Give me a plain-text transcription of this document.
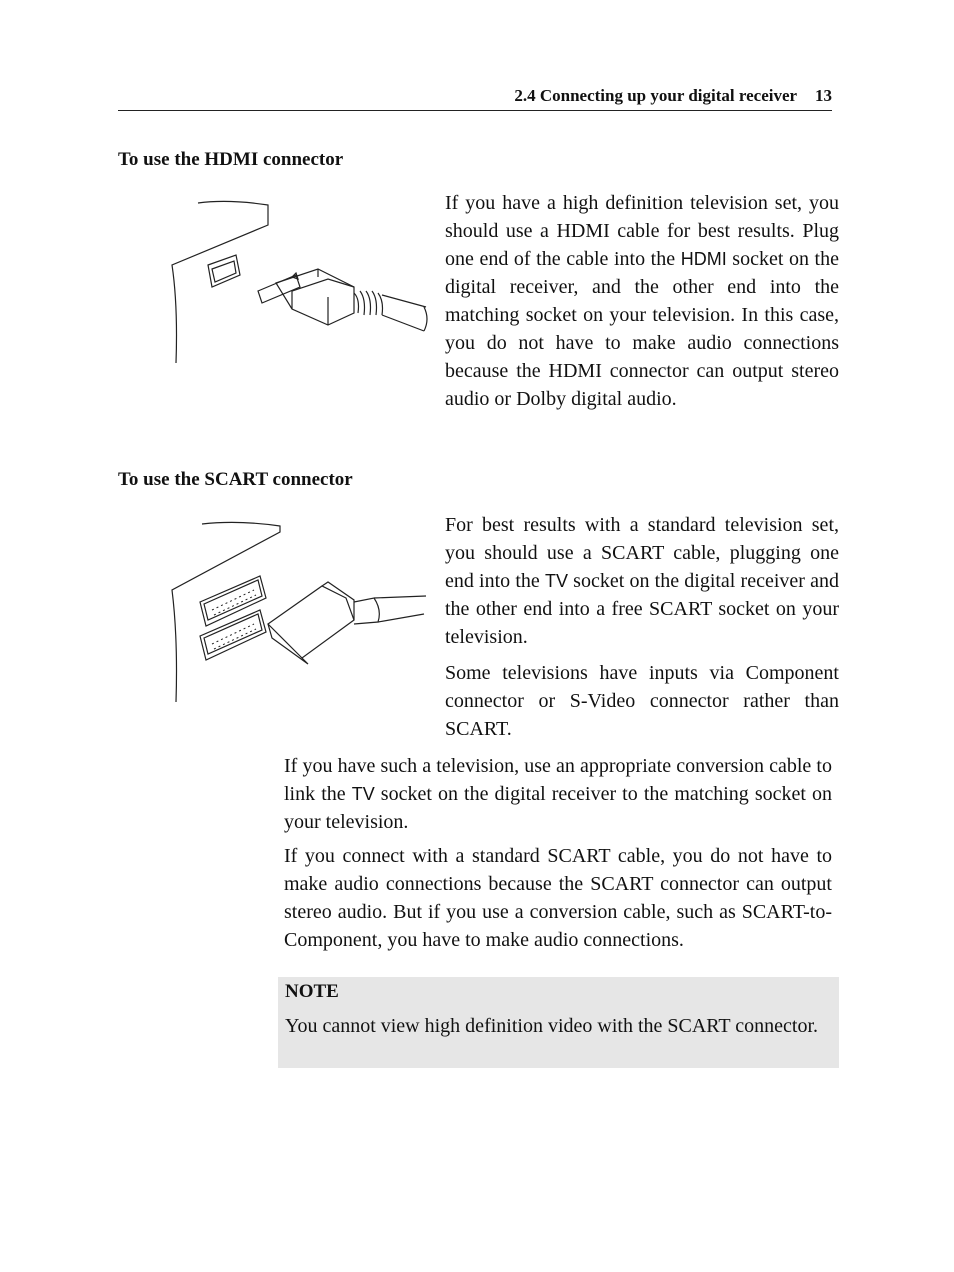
2.4 Connecting up your digital receiver 13
To use the HDMI connector

If you have a high definition television set, you should use a HDMI cable for best results. Plug one end of the cable into the HDMI socket on the digital receiver, and the other end into the matching socket on your television. In this case, you do not have to make audio connections because the HDMI connector can output stereo audio or Dolby digital audio.

To use the SCART connector

For best results with a standard television set, you should use a SCART cable, plugging one end into the TV socket on the digital receiver and the other end into a free SCART socket on your television.

Some televisions have inputs via Component connector or S-Video connector rather than SCART.

If you have such a television, use an appropriate conversion cable to link the TV socket on the digital receiver to the matching socket on your television.

If you connect with a standard SCART cable, you do not have to make audio connections because the SCART connector can output stereo audio. But if you use a conversion cable, such as SCART-to-Component, you have to make audio connections.

NOTE

You cannot view high definition video with the SCART connector.
